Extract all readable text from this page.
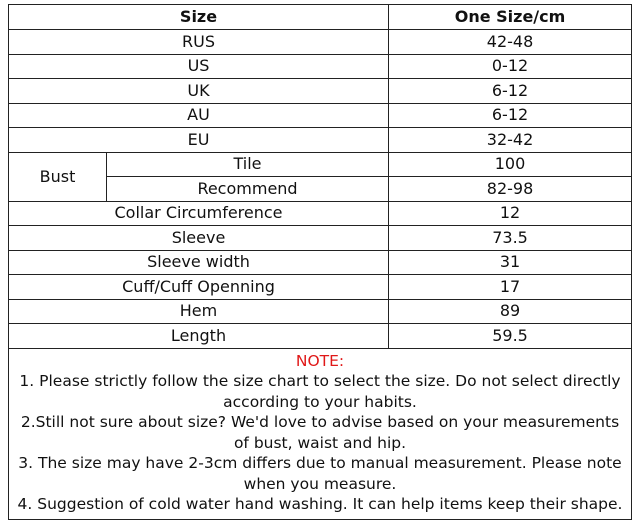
Size		One Size/cm
RUS		42-48
US		0-12
UK		6-12
AU		6-12
EU		32-42
Bust	Tile	100
	Recommend	82-98
Collar Circumference		12
Sleeve		73.5
Sleeve width		31
Cuff/Cuff Openning		17
Hem		89
Length		59.5

NOTE:
1. Please strictly follow the size chart to select the size. Do not select directly according to your habits.
2.Still not sure about size? We'd love to advise based on your measurements of bust, waist and hip.
3. The size may have 2-3cm differs due to manual measurement. Please note when you measure.
4. Suggestion of cold water hand washing. It can help items keep their shape.		
